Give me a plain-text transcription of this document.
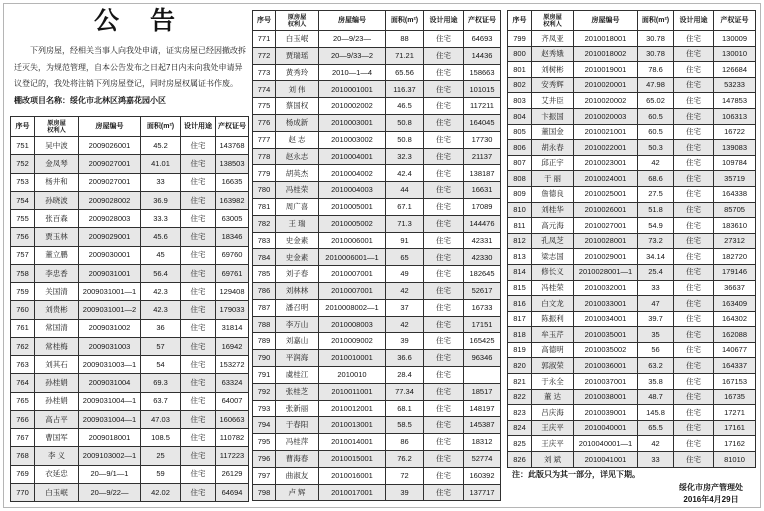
公 告
下列房屋，经相关当事人向我处申请，证实房屋已经因撤改拆迁灭失，为规范管理，自本公告发布之日起7日内未向我处申请异议登记的，我处将注销下列房屋登记，同时房屋权属证书作废。
棚改项目名称：绥化市北林区鸿嘉花园小区
序号	原房屋
权利人	房屋编号	面积(m²)	设计用途	产权证号
751	吴中波	2009026001	45.2	住宅	143768
752	金凤琴	2009027001	41.01	住宅	138503
753	杨井和	2009027001	33	住宅	16635
754	孙晓波	2009028002	36.9	住宅	163982
755	张百森	2009028003	33.3	住宅	63005
756	贾玉林	2009029001	45.6	住宅	18346
757	董立鹏	2009030001	45	住宅	69760
758	李忠香	2009031001	56.4	住宅	69761
759	关国清	2009031001—1	42.3	住宅	129408
760	刘贵彬	2009031001—2	42.3	住宅	179033
761	常国清	2009031002	36	住宅	31814
762	常桂梅	2009031003	57	住宅	16942
763	刘其石	2009031003—1	54	住宅	153272
764	孙桂娟	2009031004	69.3	住宅	63324
765	孙桂娟	2009031004—1	63.7	住宅	64007
766	高占平	2009031004—1	47.03	住宅	160663
767	曹国军	2009018001	108.5	住宅	110782
768	李 义	2009103002—1	25	住宅	117223
769	衣延忠	20—9/1—1	59	住宅	26129
770	白玉岷	20—9/22—	42.02	住宅	64694
序号	原房屋
权利人	房屋编号	面积(m²)	设计用途	产权证号
771	白玉岷	20—9/23—	88	住宅	64693
772	贾瑞瑶	20—9/33—2	71.21	住宅	14436
773	黄秀玲	2010—1—4	65.56	住宅	158663
774	刘 伟	2010001001	116.37	住宅	101015
775	蔡国权	2010002002	46.5	住宅	117211
776	杨成新	2010003001	50.8	住宅	164045
777	赵 志	2010003002	50.8	住宅	17730
778	赵永志	2010004001	32.3	住宅	21137
779	胡英杰	2010004002	42.4	住宅	138187
780	冯桂荣	2010004003	44	住宅	16631
781	周广喜	2010005001	67.1	住宅	17089
782	王 瑞	2010005002	71.3	住宅	144476
783	史金素	2010006001	91	住宅	42331
784	史金素	2010006001—1	65	住宅	42330
785	刘子春	2010007001	49	住宅	182645
786	刘林林	2010007001	42	住宅	52617
787	潘召明	2010008002—1	37	住宅	16733
788	李万山	2010008003	42	住宅	17151
789	刘嘉山	2010009002	39	住宅	165425
790	平润海	2010010001	36.6	住宅	96346
791	虞桂江	2010010	28.4	住宅	
792	张桂芝	2010011001	77.34	住宅	18517
793	张新丽	2010012001	68.1	住宅	148197
794	于春阳	2010013001	58.5	住宅	145387
795	冯桂萍	2010014001	86	住宅	18312
796	曹海春	2010015001	76.2	住宅	52774
797	曲淑友	2010016001	72	住宅	160392
798	卢 辉	2010017001	39	住宅	137717
序号	原房屋
权利人	房屋编号	面积(m²)	设计用途	产权证号
799	齐凤亚	2010018001	30.78	住宅	130009
800	赵秀娥	2010018002	30.78	住宅	130010
801	刘树彬	2010019001	78.6	住宅	126684
802	安秀辉	2010020001	47.98	住宅	53233
803	艾井臣	2010020002	65.02	住宅	147853
804	卞振国	2010020003	60.5	住宅	106313
805	董国金	2010021001	60.5	住宅	16722
806	胡永春	2010022001	50.3	住宅	139083
807	邱正宇	2010023001	42	住宅	109784
808	于 丽	2010024001	68.6	住宅	35719
809	詹德良	2010025001	27.5	住宅	164338
810	刘桂华	2010026001	51.8	住宅	85705
811	高元海	2010027001	54.9	住宅	183610
812	孔凤芝	2010028001	73.2	住宅	27312
813	梁志国	2010029001	34.14	住宅	182720
814	修长义	2010028001—1	25.4	住宅	179146
815	冯桂荣	2010032001	33	住宅	36637
816	白文龙	2010033001	47	住宅	163409
817	陈振利	2010034001	39.7	住宅	164302
818	牟玉芹	2010035001	35	住宅	162088
819	高德明	2010035002	56	住宅	140677
820	郭淑荣	2010036001	63.2	住宅	164337
821	于永全	2010037001	35.8	住宅	167153
822	董 达	2010038001	48.7	住宅	16735
823	吕庆海	2010039001	145.8	住宅	17271
824	王庆平	2010040001	65.5	住宅	17161
825	王庆平	2010040001—1	42	住宅	17162
826	刘 斌	2010041001	33	住宅	81010
注：此版只为其一部分，详见下期。
绥化市房产管理处
2016年4月29日
